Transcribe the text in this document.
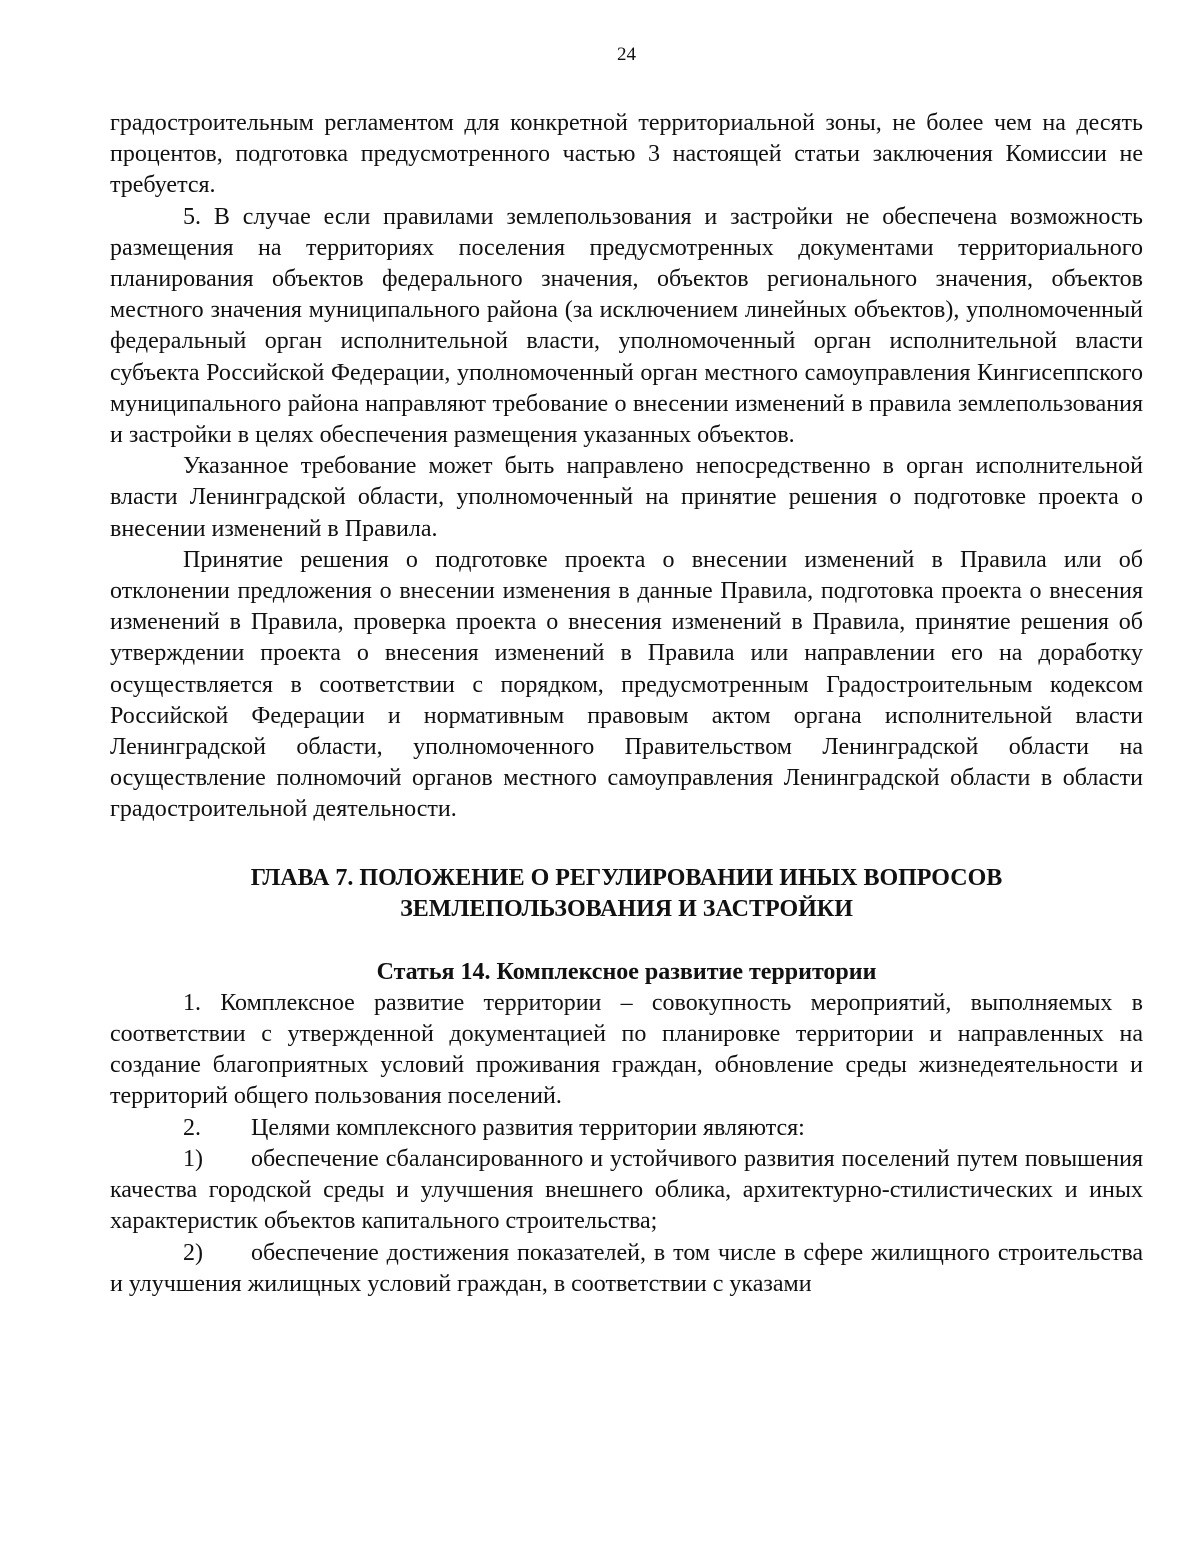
24

градостроительным регламентом для конкретной территориальной зоны, не более чем на десять процентов, подготовка предусмотренного частью 3 настоящей статьи заключения Комиссии не требуется.

5. В случае если правилами землепользования и застройки не обеспечена возможность размещения на территориях поселения предусмотренных документами территориального планирования объектов федерального значения, объектов регионального значения, объектов местного значения муниципального района (за исключением линейных объектов), уполномоченный федеральный орган исполнительной власти, уполномоченный орган исполнительной власти субъекта Российской Федерации, уполномоченный орган местного самоуправления Кингисеппского муниципального района направляют требование о внесении изменений в правила землепользования и застройки в целях обеспечения размещения указанных объектов.

Указанное требование может быть направлено непосредственно в орган исполнительной власти Ленинградской области, уполномоченный на принятие решения о подготовке проекта о внесении изменений в Правила.

Принятие решения о подготовке проекта о внесении изменений в Правила или об отклонении предложения о внесении изменения в данные Правила, подготовка проекта о внесения изменений в Правила, проверка проекта о внесения изменений в Правила, принятие решения об утверждении проекта о внесения изменений в Правила или направлении его на доработку осуществляется в соответствии с порядком, предусмотренным Градостроительным кодексом Российской Федерации и нормативным правовым актом органа исполнительной власти Ленинградской области, уполномоченного Правительством Ленинградской области на осуществление полномочий органов местного самоуправления Ленинградской области в области градостроительной деятельности.

ГЛАВА 7. ПОЛОЖЕНИЕ О РЕГУЛИРОВАНИИ ИНЫХ ВОПРОСОВ
ЗЕМЛЕПОЛЬЗОВАНИЯ И ЗАСТРОЙКИ
Статья 14. Комплексное развитие территории

1. Комплексное развитие территории – совокупность мероприятий, выполняемых в соответствии с утвержденной документацией по планировке территории и направленных на создание благоприятных условий проживания граждан, обновление среды жизнедеятельности и территорий общего пользования поселений.

2. Целями комплексного развития территории являются:

1) обеспечение сбалансированного и устойчивого развития поселений путем повышения качества городской среды и улучшения внешнего облика, архитектурно-стилистических и иных характеристик объектов капитального строительства;

2) обеспечение достижения показателей, в том числе в сфере жилищного строительства и улучшения жилищных условий граждан, в соответствии с указами
